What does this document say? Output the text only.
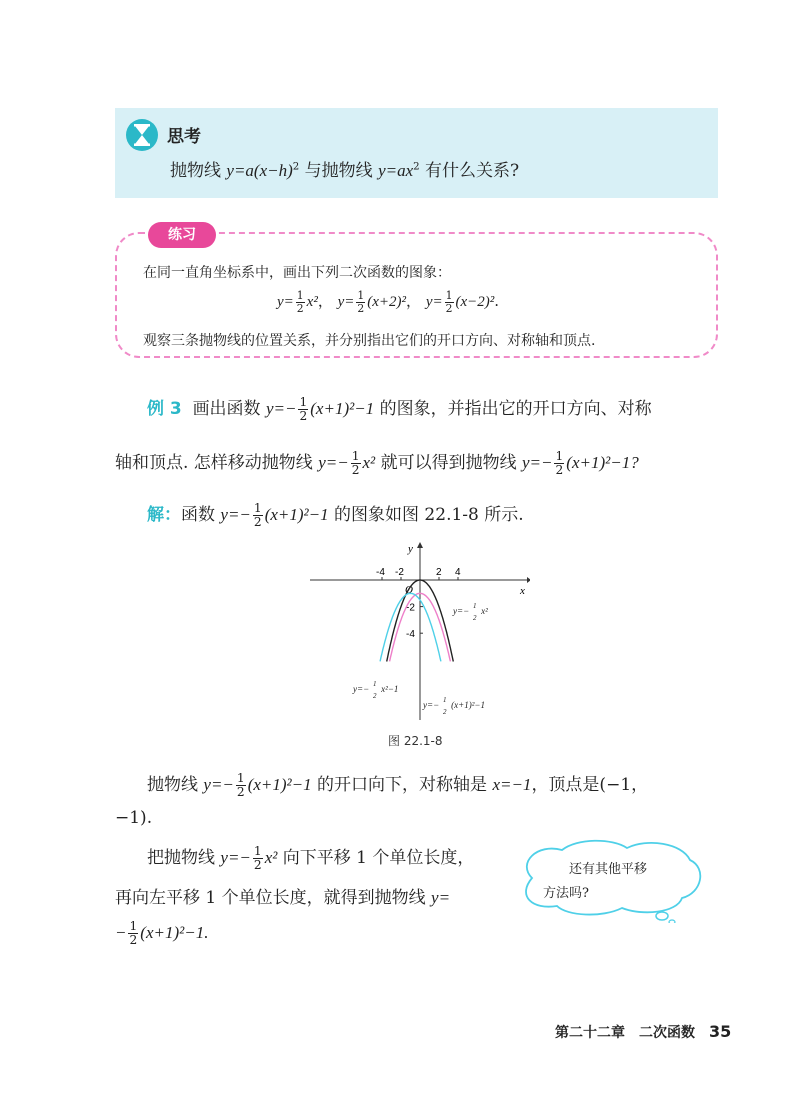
思考
抛物线 $y=a(x-h)^2$ 与抛物线 $y=ax^2$ 有什么关系?
练习
在同一直角坐标系中，画出下列二次函数的图象：
$y= \frac{1}{2} x^2$， $y= \frac{1}{2} (x+2)^2$， $y= \frac{1}{2} (x-2)^2$.
观察三条抛物线的位置关系，并分别指出它们的开口方向、对称轴和顶点.
例 3 画出函数 $y=- \frac{1}{2} (x+1)^2-1$ 的图象，并指出它的开口方向、对称
轴和顶点. 怎样移动抛物线 $y=- \frac{1}{2} x^2$ 就可以得到抛物线 $y=- \frac{1}{2} (x+1)^2-1$?
解：函数 $y=- \frac{1}{2} (x+1)^2-1$ 的图象如图 22.1-8 所示.
x
y
O
-4 -2	2 4
-2
-4
y=− x²
1
2
y=− x²−1
1
2
y=− (x+1)²−1
1
2
图 22.1-8
抛物线 $y=- \frac{1}{2} (x+1)^2-1$ 的开口向下，对称轴是 x=−1，顶点是(−1，
−1).
把抛物线 $y=- \frac{1}{2} x^2$ 向下平移 1 个单位长度，
再向左平移 1 个单位长度，就得到抛物线 y=
− $\frac{1}{2} (x+1)^2-1$.
还有其他平移
方法吗?
第二十二章　二次函数 35
